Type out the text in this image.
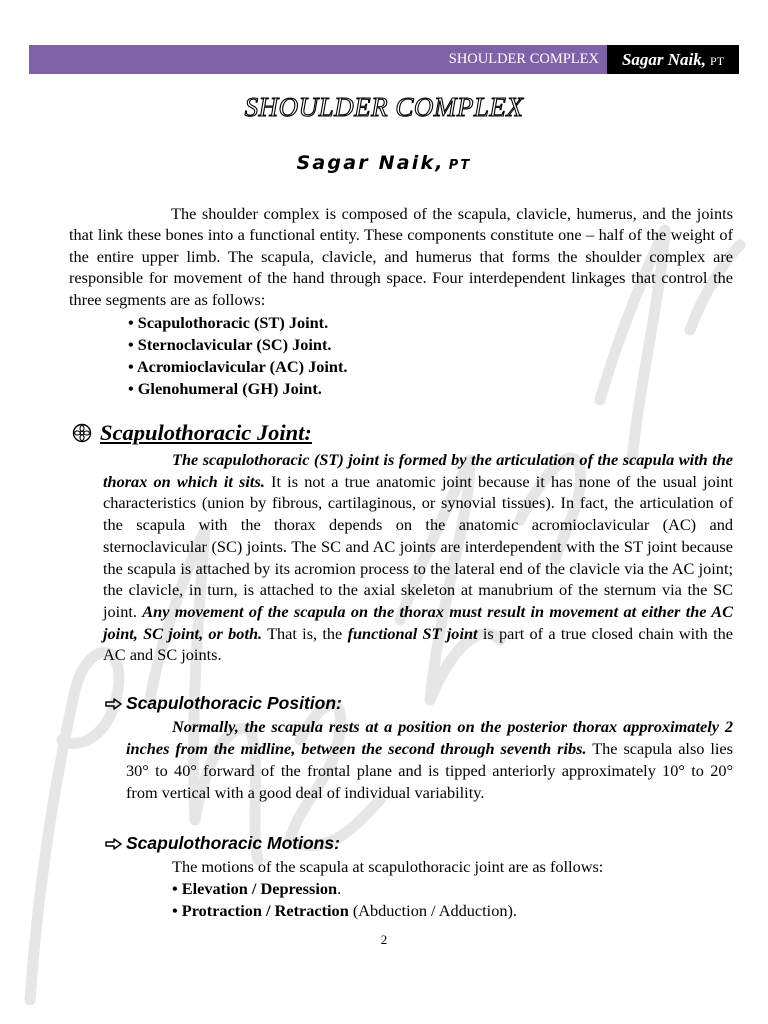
SHOULDER COMPLEX	Sagar Naik, PT
SHOULDER COMPLEX
Sagar Naik, PT

The shoulder complex is composed of the scapula, clavicle, humerus, and the joints that link these bones into a functional entity. These components constitute one – half of the weight of the entire upper limb. The scapula, clavicle, and humerus that forms the shoulder complex are responsible for movement of the hand through space. Four interdependent linkages that control the three segments are as follows:

• Scapulothoracic (ST) Joint.
• Sternoclavicular (SC) Joint.
• Acromioclavicular (AC) Joint.
• Glenohumeral (GH) Joint.
Scapulothoracic Joint:

The scapulothoracic (ST) joint is formed by the articulation of the scapula with the thorax on which it sits. It is not a true anatomic joint because it has none of the usual joint characteristics (union by fibrous, cartilaginous, or synovial tissues). In fact, the articulation of the scapula with the thorax depends on the anatomic acromioclavicular (AC) and sternoclavicular (SC) joints. The SC and AC joints are interdependent with the ST joint because the scapula is attached by its acromion process to the lateral end of the clavicle via the AC joint; the clavicle, in turn, is attached to the axial skeleton at manubrium of the sternum via the SC joint. Any movement of the scapula on the thorax must result in movement at either the AC joint, SC joint, or both. That is, the functional ST joint is part of a true closed chain with the AC and SC joints.

Scapulothoracic Position:

Normally, the scapula rests at a position on the posterior thorax approximately 2 inches from the midline, between the second through seventh ribs. The scapula also lies 30° to 40° forward of the frontal plane and is tipped anteriorly approximately 10° to 20° from vertical with a good deal of individual variability.

Scapulothoracic Motions:

The motions of the scapula at scapulothoracic joint are as follows:

• Elevation / Depression.
• Protraction / Retraction (Abduction / Adduction).
2
